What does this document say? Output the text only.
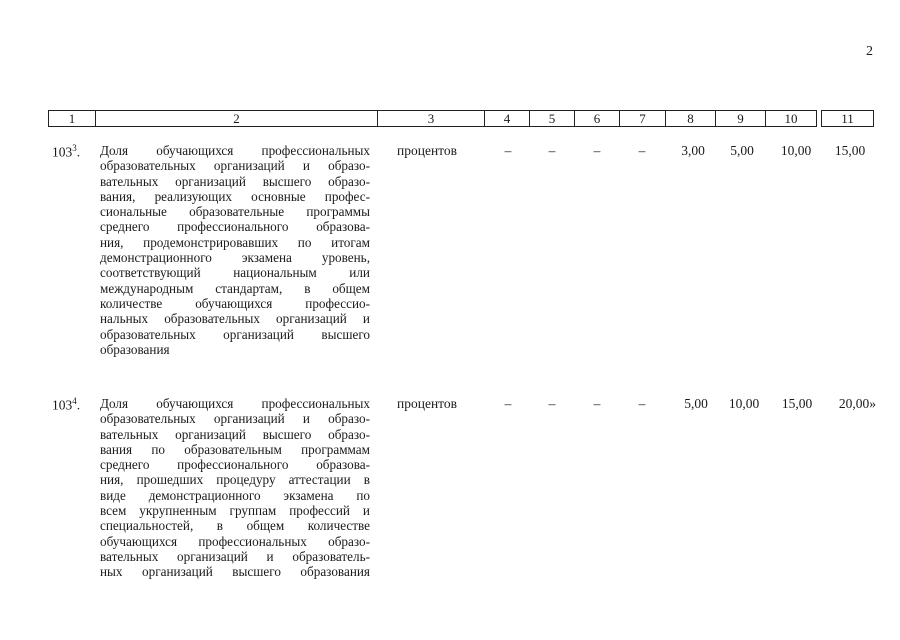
2
1	2	3	4	5	6	7	8	9	10	11
$103^3$. Доля обучающихся профессиональных
образовательных организаций и образо-
вательных организаций высшего образо-
вания, реализующих основные профес-
сиональные образовательные программы
среднего профессионального образова-
ния, продемонстрировавших по итогам
демонстрационного экзамена уровень,
соответствующий национальным или
международным стандартам, в общем
количестве обучающихся профессио-
нальных образовательных организаций и
образовательных организаций высшего
образования
процентов	–	–	–	–	3,00	5,00	10,00	15,00
$103^4$. Доля обучающихся профессиональных
образовательных организаций и образо-
вательных организаций высшего образо-
вания по образовательным программам
среднего профессионального образова-
ния, прошедших процедуру аттестации в
виде демонстрационного экзамена по
всем укрупненным группам профессий и
специальностей, в общем количестве
обучающихся профессиональных образо-
вательных организаций и образователь-
ных организаций высшего образования
процентов	–	–	–	–	5,00	10,00	15,00	20,00»
